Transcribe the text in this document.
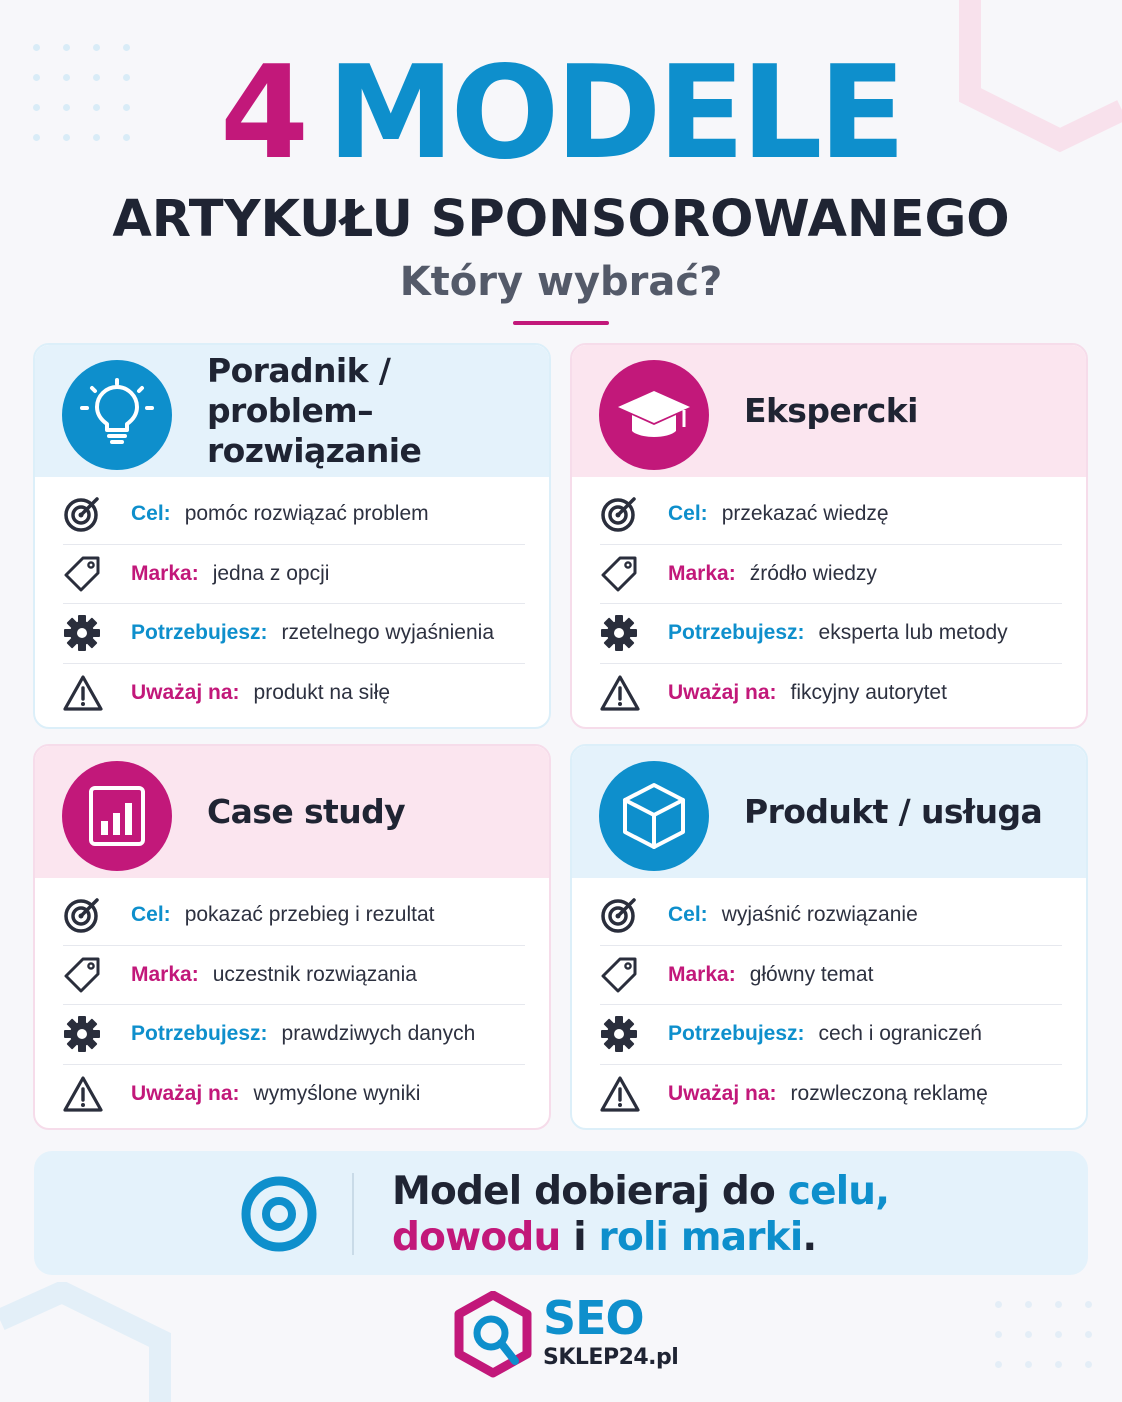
4 MODELE
ARTYKUŁU SPONSOROWANEGO
Który wybrać?
Poradnik /
problem–rozwiązanie
Cel: pomóc rozwiązać problem
Marka: jedna z opcji
Potrzebujesz: rzetelnego wyjaśnienia
Uważaj na: produkt na siłę
Ekspercki
Cel: przekazać wiedzę
Marka: źródło wiedzy
Potrzebujesz: eksperta lub metody
Uważaj na: fikcyjny autorytet
Case study
Cel: pokazać przebieg i rezultat
Marka: uczestnik rozwiązania
Potrzebujesz: prawdziwych danych
Uważaj na: wymyślone wyniki
Produkt / usługa
Cel: wyjaśnić rozwiązanie
Marka: główny temat
Potrzebujesz: cech i ograniczeń
Uważaj na: rozwleczoną reklamę
Model dobieraj do celu,
dowodu i roli marki.
SEO
SKLEP24.pl
